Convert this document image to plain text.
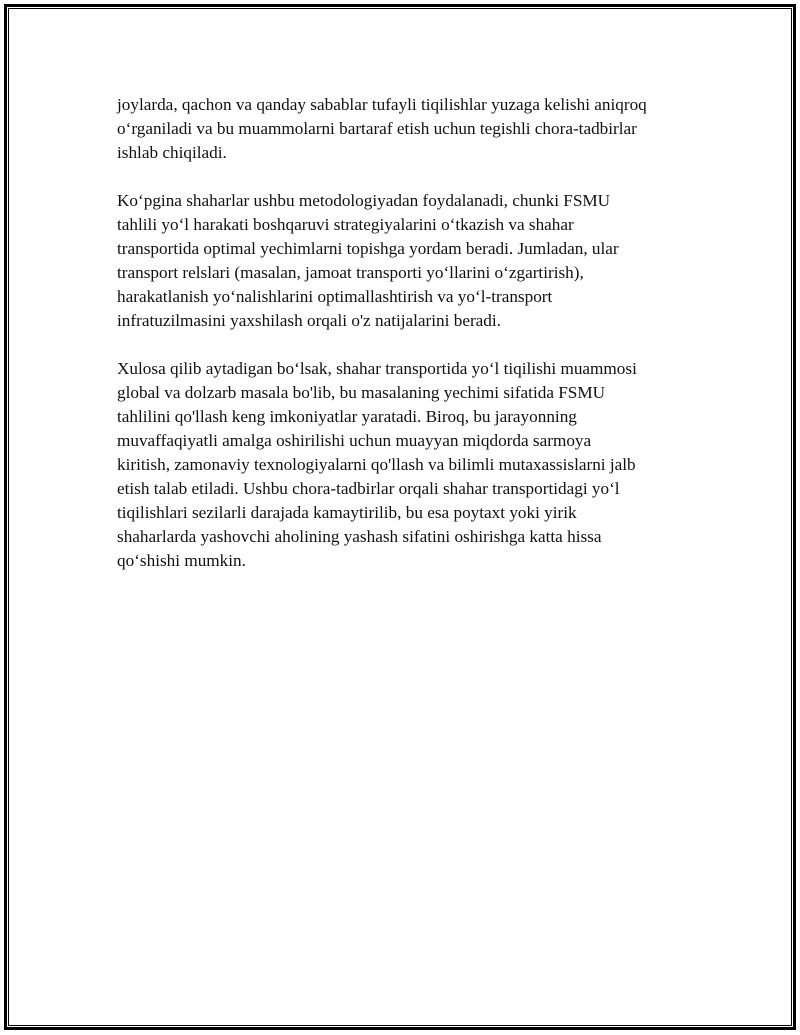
joylarda, qachon va qanday sabablar tufayli tiqilishlar yuzaga kelishi aniqroq
o‘rganiladi va bu muammolarni bartaraf etish uchun tegishli chora-tadbirlar
ishlab chiqiladi.

Ko‘pgina shaharlar ushbu metodologiyadan foydalanadi, chunki FSMU
tahlili yo‘l harakati boshqaruvi strategiyalarini o‘tkazish va shahar
transportida optimal yechimlarni topishga yordam beradi. Jumladan, ular
transport relslari (masalan, jamoat transporti yo‘llarini o‘zgartirish),
harakatlanish yo‘nalishlarini optimallashtirish va yo‘l-transport
infratuzilmasini yaxshilash orqali o'z natijalarini beradi.

Xulosa qilib aytadigan bo‘lsak, shahar transportida yo‘l tiqilishi muammosi
global va dolzarb masala bo'lib, bu masalaning yechimi sifatida FSMU
tahlilini qo'llash keng imkoniyatlar yaratadi. Biroq, bu jarayonning
muvaffaqiyatli amalga oshirilishi uchun muayyan miqdorda sarmoya
kiritish, zamonaviy texnologiyalarni qo'llash va bilimli mutaxassislarni jalb
etish talab etiladi. Ushbu chora-tadbirlar orqali shahar transportidagi yo‘l
tiqilishlari sezilarli darajada kamaytirilib, bu esa poytaxt yoki yirik
shaharlarda yashovchi aholining yashash sifatini oshirishga katta hissa
qo‘shishi mumkin.
